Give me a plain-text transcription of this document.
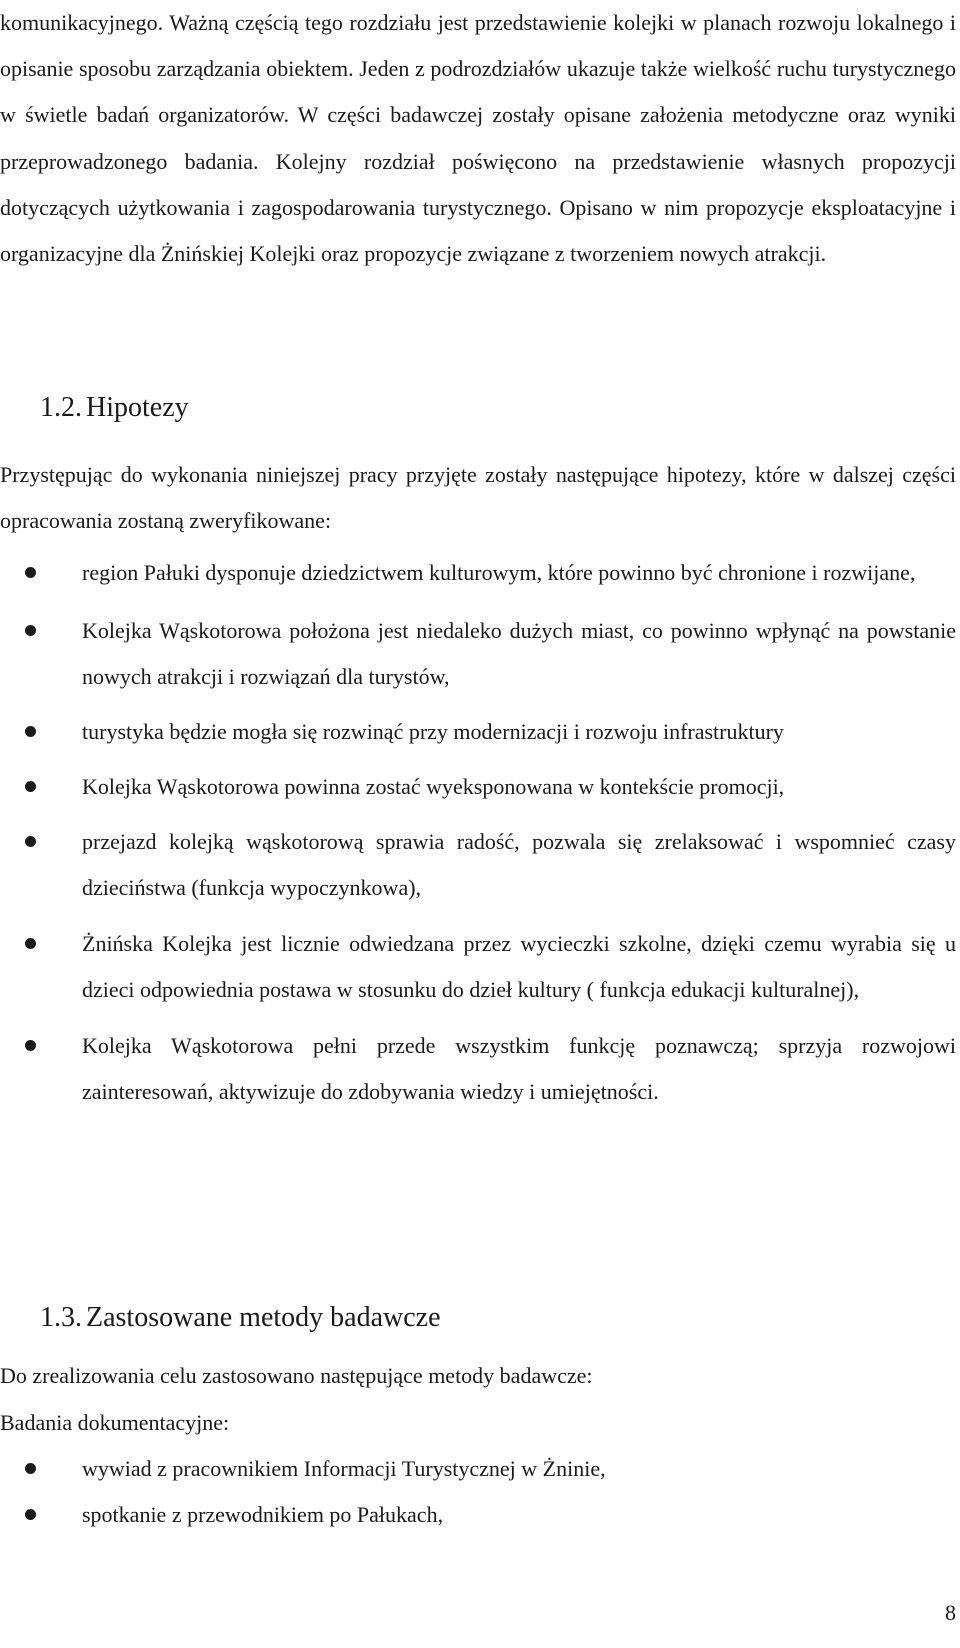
komunikacyjnego. Ważną częścią tego rozdziału jest przedstawienie kolejki w planach rozwoju lokalnego i opisanie sposobu zarządzania obiektem. Jeden z podrozdziałów ukazuje także wielkość ruchu turystycznego w świetle badań organizatorów. W części badawczej zostały opisane założenia metodyczne oraz wyniki przeprowadzonego badania. Kolejny rozdział poświęcono na przedstawienie własnych propozycji dotyczących użytkowania i zagospodarowania turystycznego. Opisano w nim propozycje eksploatacyjne i organizacyjne dla Żnińskiej Kolejki oraz propozycje związane z tworzeniem nowych atrakcji.

1.2. Hipotezy

Przystępując do wykonania niniejszej pracy przyjęte zostały następujące hipotezy, które w dalszej części opracowania zostaną zweryfikowane:

region Pałuki dysponuje dziedzictwem kulturowym, które powinno być chronione i rozwijane,
Kolejka Wąskotorowa położona jest niedaleko dużych miast, co powinno wpłynąć na powstanie nowych atrakcji i rozwiązań dla turystów,
turystyka będzie mogła się rozwinąć przy modernizacji i rozwoju infrastruktury
Kolejka Wąskotorowa powinna zostać wyeksponowana w kontekście promocji,
przejazd kolejką wąskotorową sprawia radość, pozwala się zrelaksować i wspomnieć czasy dzieciństwa (funkcja wypoczynkowa),
Żnińska Kolejka jest licznie odwiedzana przez wycieczki szkolne, dzięki czemu wyrabia się u dzieci odpowiednia postawa w stosunku do dzieł kultury ( funkcja edukacji kulturalnej),
Kolejka Wąskotorowa pełni przede wszystkim funkcję poznawczą; sprzyja rozwojowi zainteresowań, aktywizuje do zdobywania wiedzy i umiejętności.
1.3. Zastosowane metody badawcze

Do zrealizowania celu zastosowano następujące metody badawcze:

Badania dokumentacyjne:

wywiad z pracownikiem Informacji Turystycznej w Żninie,
spotkanie z przewodnikiem po Pałukach,

8
